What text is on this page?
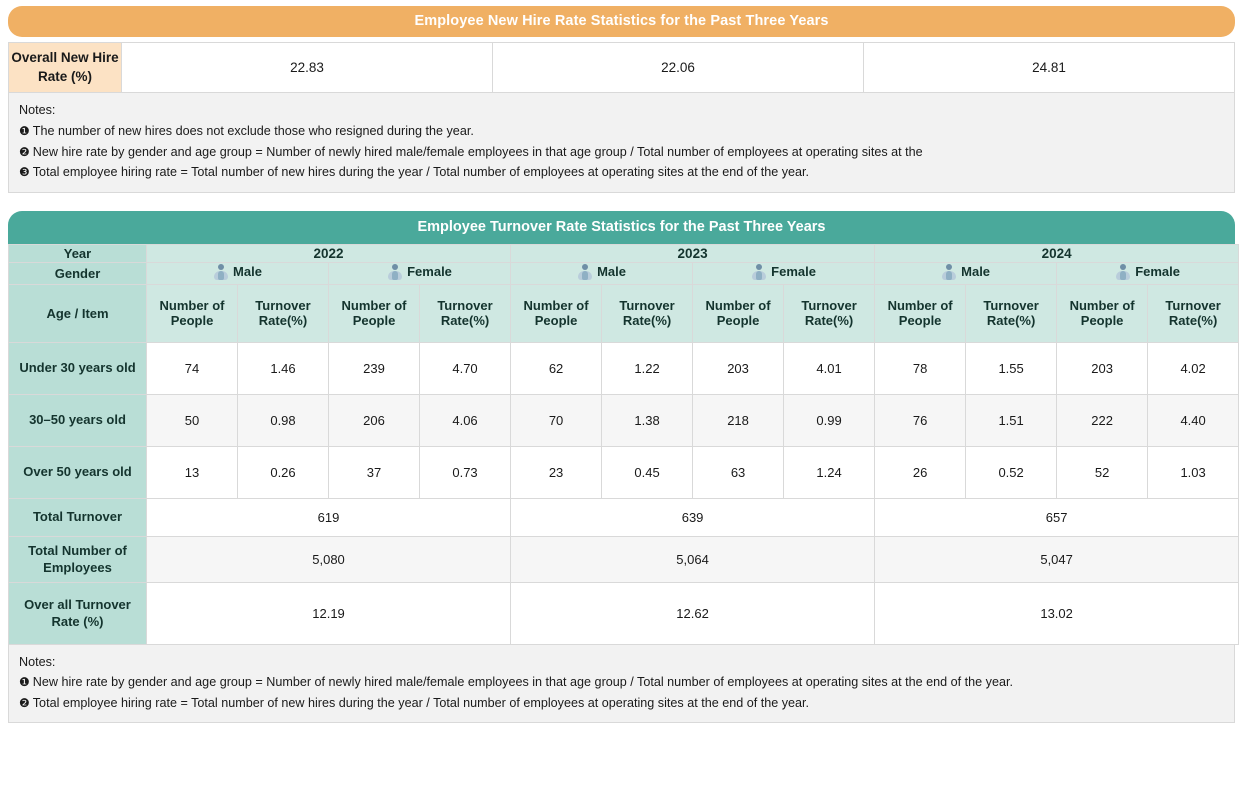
Employee New Hire Rate Statistics for the Past Three Years
Overall New Hire Rate (%)	22.83	22.06	24.81
Notes:
❶ The number of new hires does not exclude those who resigned during the year.
❷ New hire rate by gender and age group = Number of newly hired male/female employees in that age group / Total number of employees at operating sites at the
❸ Total employee hiring rate = Total number of new hires during the year / Total number of employees at operating sites at the end of the year.
Employee Turnover Rate Statistics for the Past Three Years
Year	2022				2023				2024			
Gender	Male		Female		Male		Female		Male		Female	

Age / Item	Number of People	Turnover Rate(%)	Number of People	Turnover Rate(%)	Number of People	Turnover Rate(%)	Number of People	Turnover Rate(%)	Number of People	Turnover Rate(%)	Number of People	Turnover Rate(%)
Under 30 years old	74	1.46	239	4.70	62	1.22	203	4.01	78	1.55	203	4.02
30–50 years old	50	0.98	206	4.06	70	1.38	218	0.99	76	1.51	222	4.40
Over 50 years old	13	0.26	37	0.73	23	0.45	63	1.24	26	0.52	52	1.03
Total Turnover	619				639				657			
Total Number of Employees	5,080				5,064				5,047			
Over all Turnover Rate (%)	12.19				12.62				13.02			
Notes:
❶ New hire rate by gender and age group = Number of newly hired male/female employees in that age group / Total number of employees at operating sites at the end of the year.
❷ Total employee hiring rate = Total number of new hires during the year / Total number of employees at operating sites at the end of the year.
